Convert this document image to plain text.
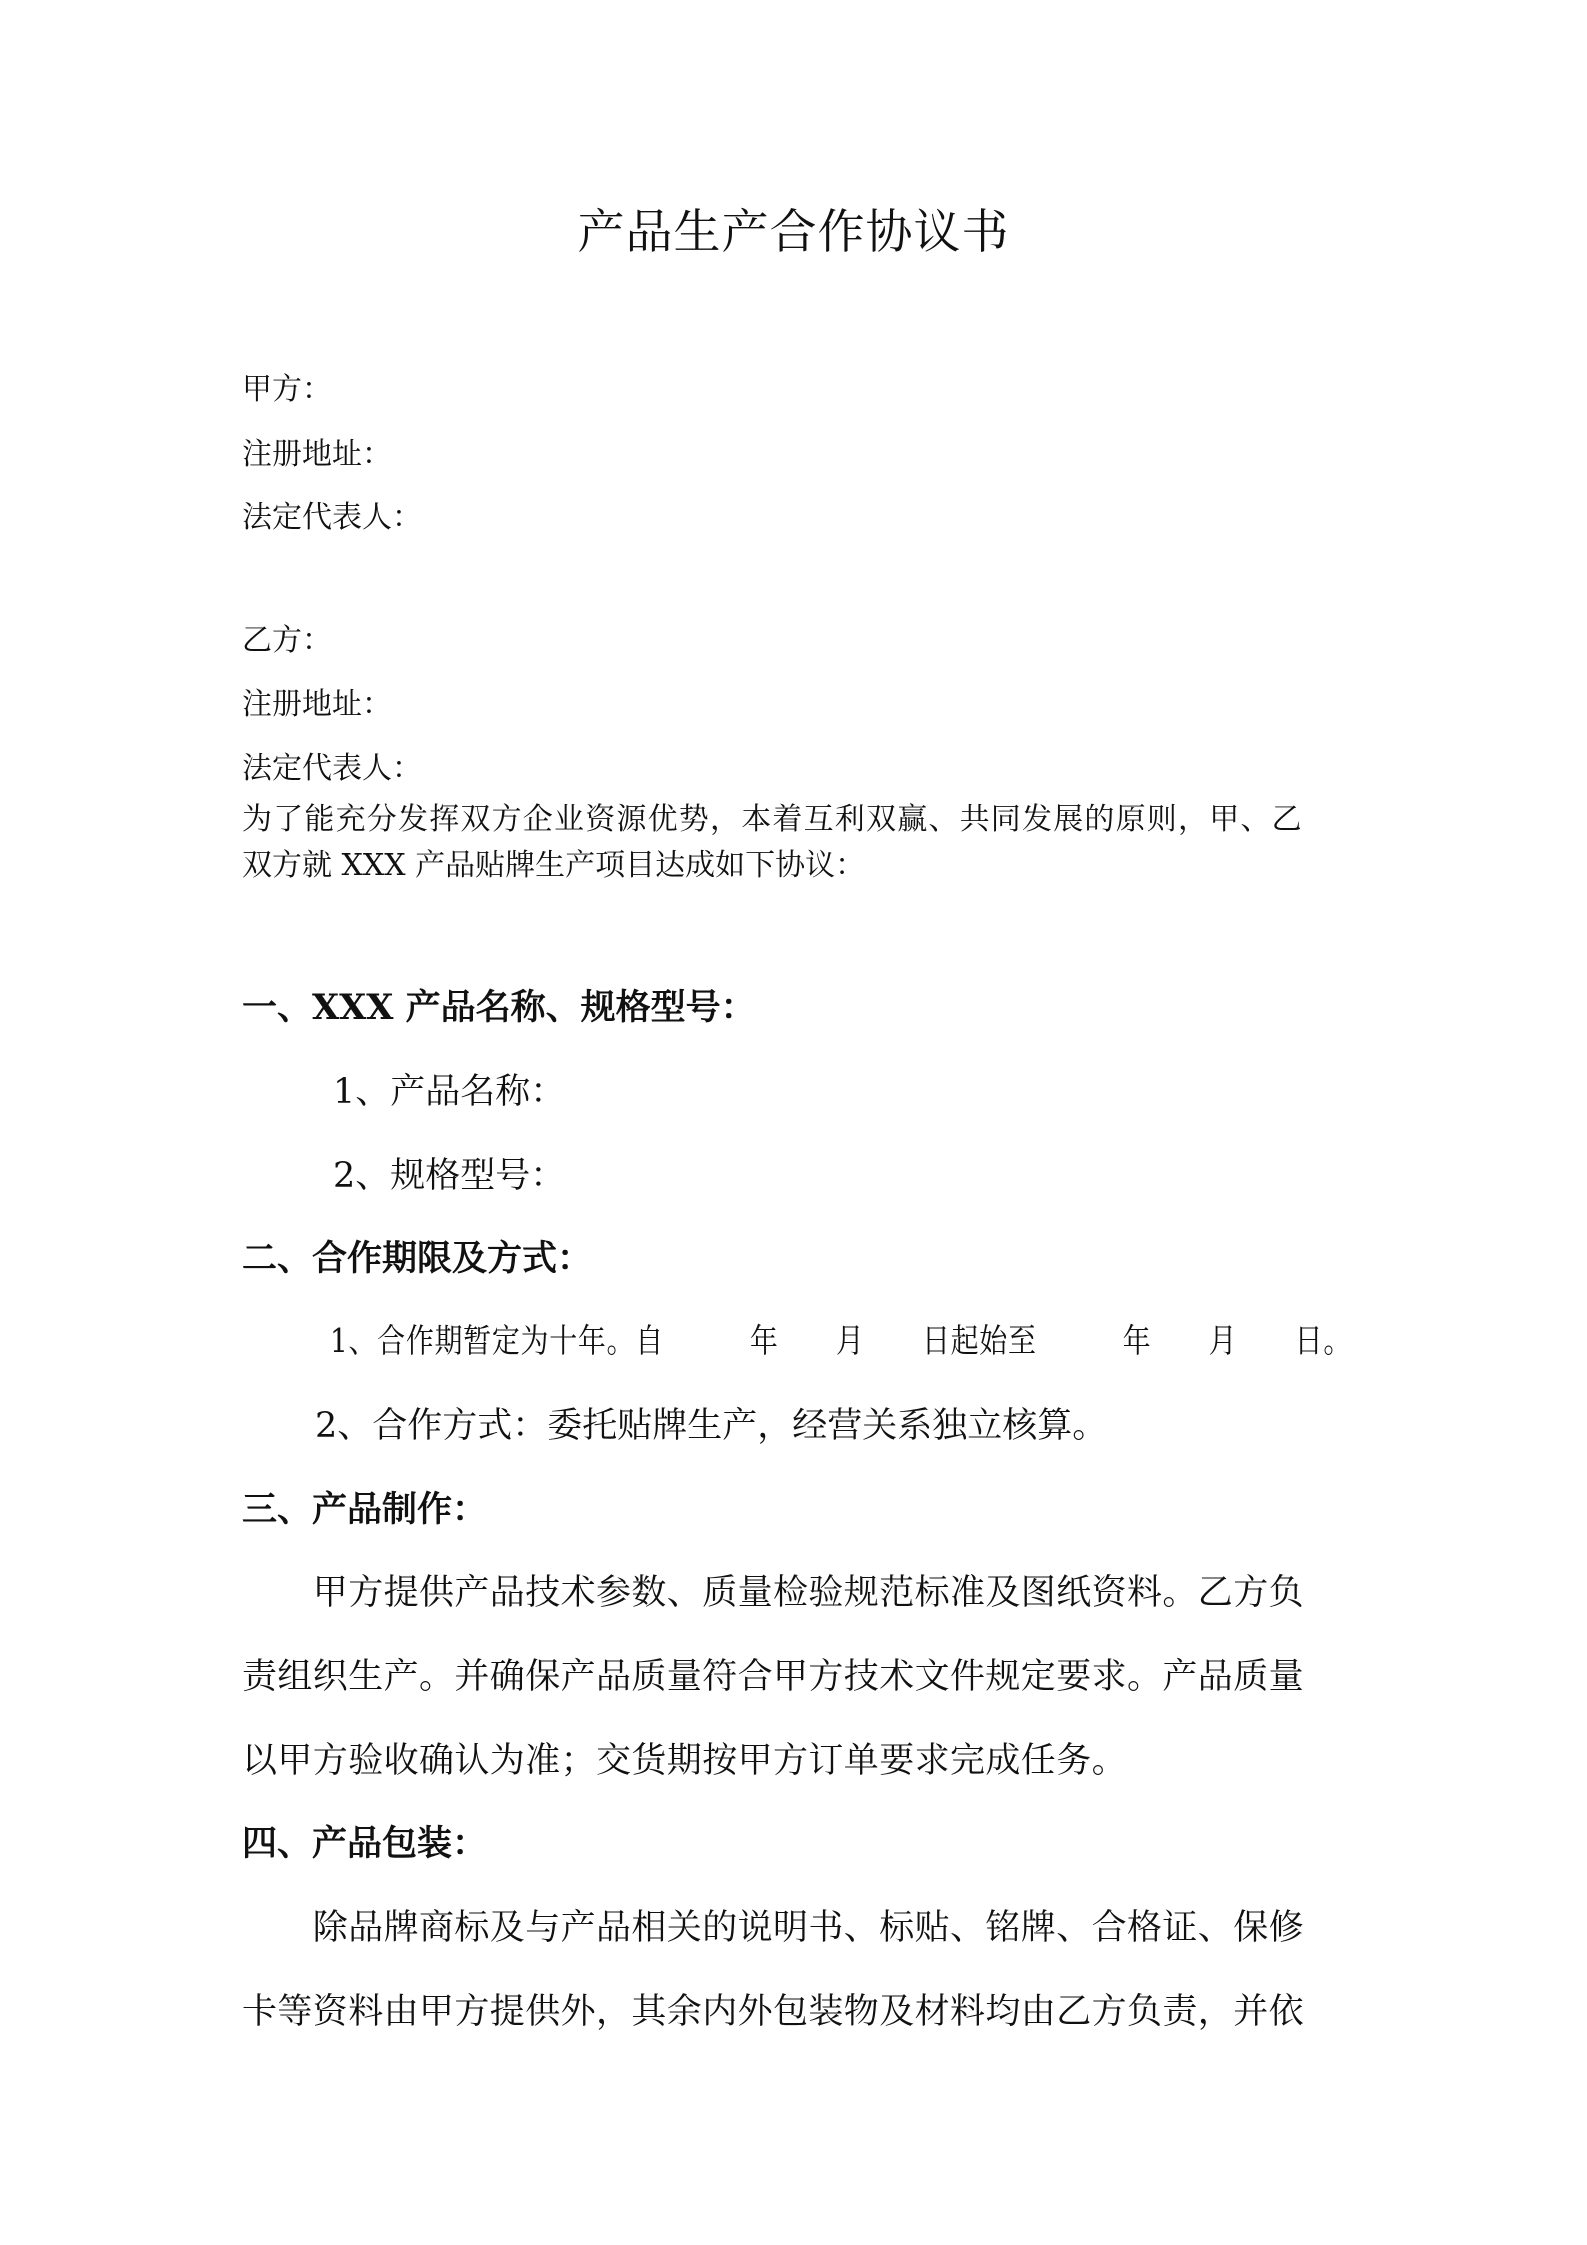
产品生产合作协议书
甲方：
注册地址：
法定代表人：
乙方：
注册地址：
法定代表人：
为了能充分发挥双方企业资源优势，本着互利双赢、共同发展的原则，甲、乙
双方就 XXX 产品贴牌生产项目达成如下协议：
一、XXX 产品名称、规格型号：
1、产品名称：
2、规格型号：
二、合作期限及方式：
1、合作期暂定为十年。自　　　年　　月　　日起始至　　　年　　月　　日。
2、合作方式：委托贴牌生产，经营关系独立核算。
三、产品制作：
　　甲方提供产品技术参数、质量检验规范标准及图纸资料。乙方负
责组织生产。并确保产品质量符合甲方技术文件规定要求。产品质量
以甲方验收确认为准；交货期按甲方订单要求完成任务。
四、产品包装：
　　除品牌商标及与产品相关的说明书、标贴、铭牌、合格证、保修
卡等资料由甲方提供外，其余内外包装物及材料均由乙方负责，并依
